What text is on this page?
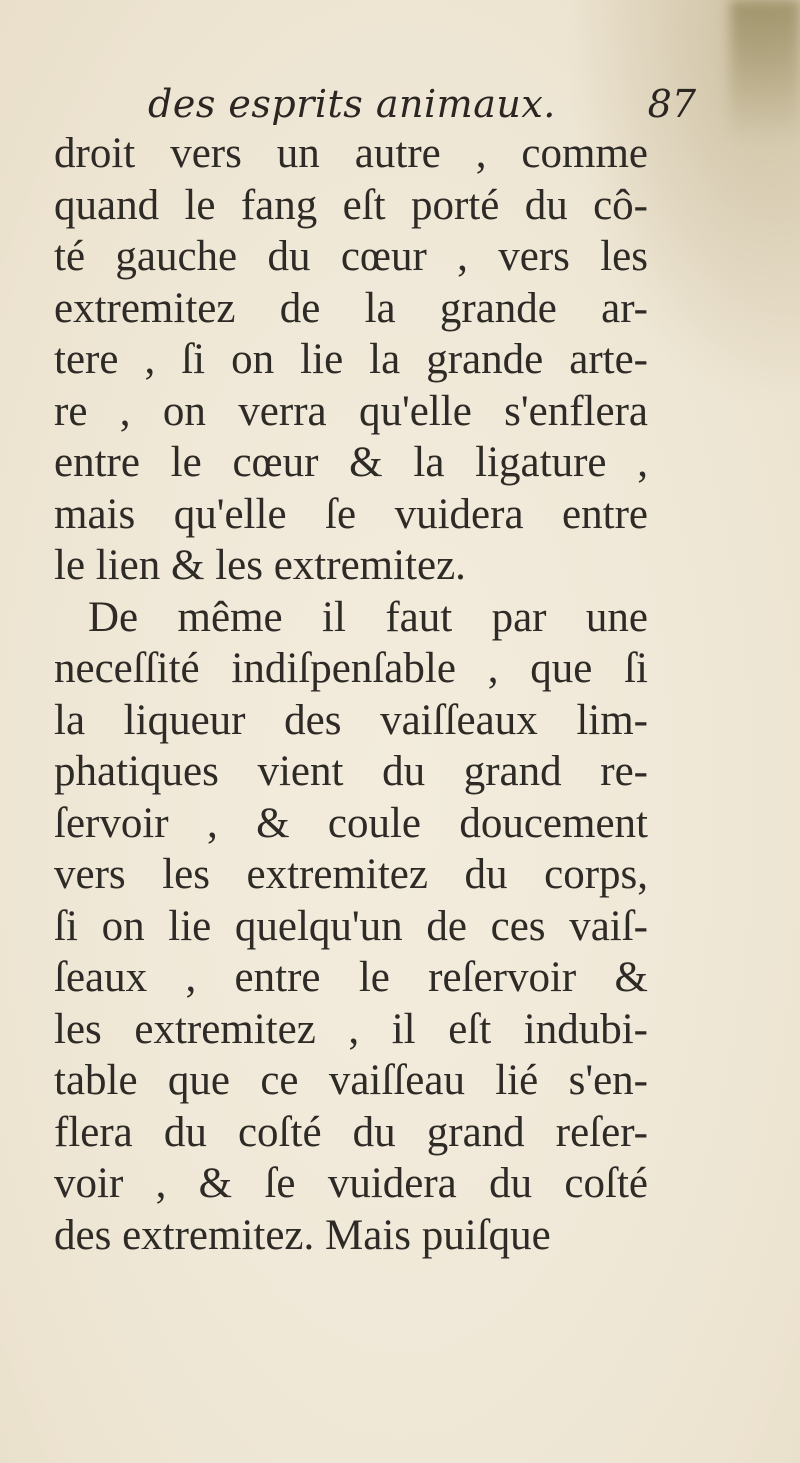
des esprits animaux. 87
droit vers un autre , comme
quand le fang eſt porté du cô-
té gauche du cœur , vers les
extremitez de la grande ar-
tere , ſi on lie la grande arte-
re , on verra qu'elle s'enflera
entre le cœur & la ligature ,
mais qu'elle ſe vuidera entre
le lien & les extremitez.
De même il faut par une
neceſſité indiſpenſable , que ſi
la liqueur des vaiſſeaux lim-
phatiques vient du grand re-
ſervoir , & coule doucement
vers les extremitez du corps,
ſi on lie quelqu'un de ces vaiſ-
ſeaux , entre le reſervoir &
les extremitez , il eſt indubi-
table que ce vaiſſeau lié s'en-
flera du coſté du grand reſer-
voir , & ſe vuidera du coſté
des extremitez. Mais puiſque
